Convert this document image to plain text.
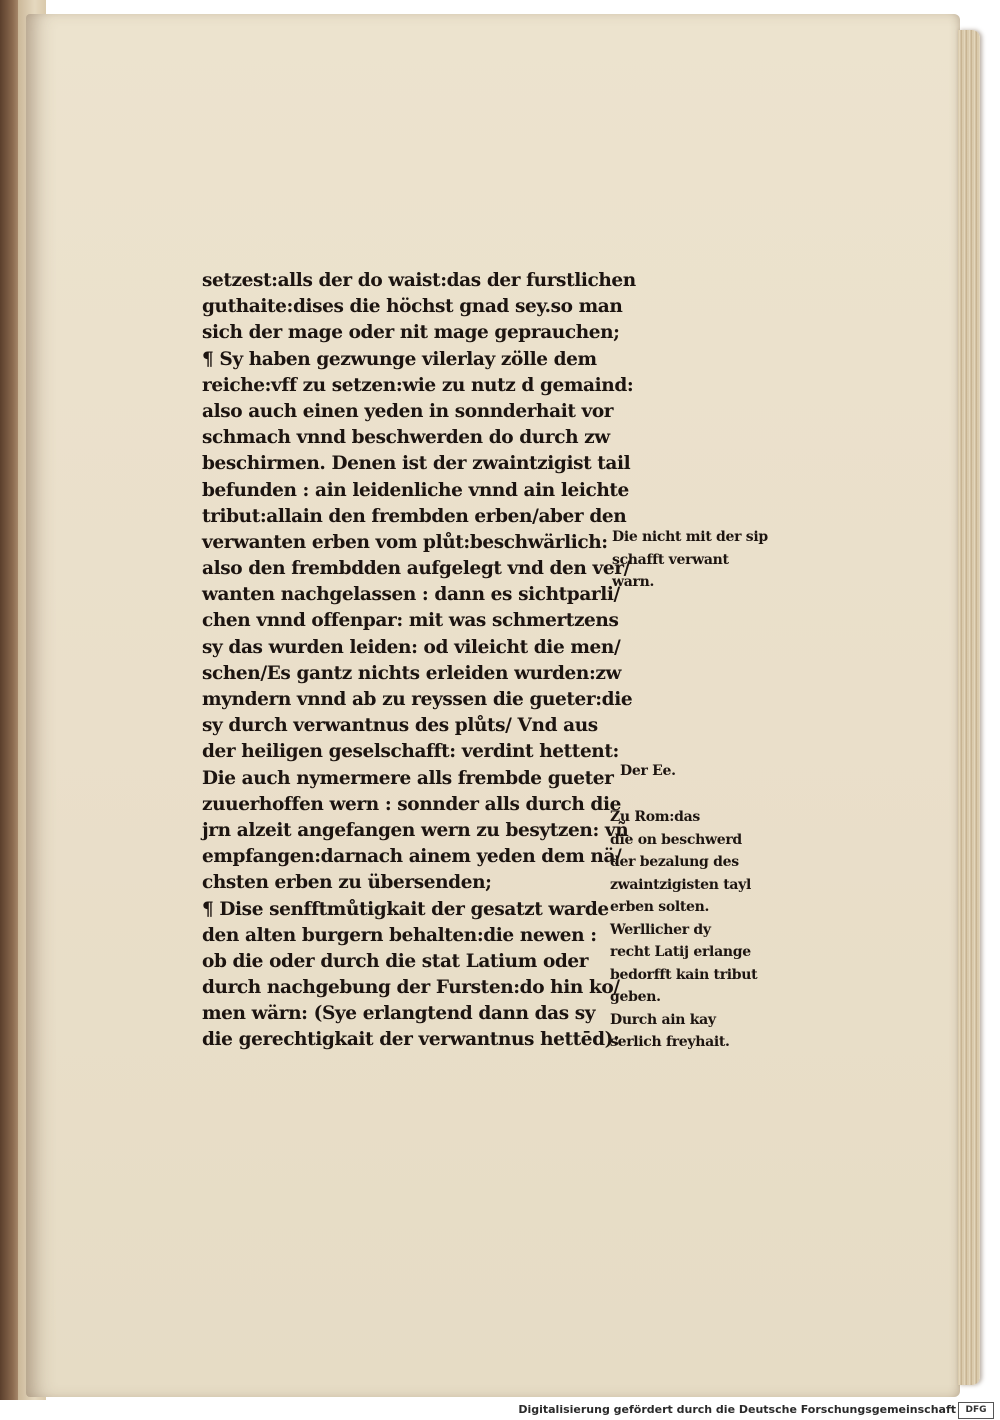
setzest:alls der do waist:das der furstlichen
guthaite:dises die höchst gnad sey.so man
sich der mage oder nit mage geprauchen;
¶ Sy haben gezwunge vilerlay zölle dem
reiche:vff zu setzen:wie zu nutz d gemaind:
also auch einen yeden in sonnderhait vor
schmach vnnd beschwerden do durch zw
beschirmen. Denen ist der zwaintzigist tail
befunden : ain leidenliche vnnd ain leichte
tribut:allain den frembden erben/aber den
verwanten erben vom plůt:beschwärlich:
also den frembdden aufgelegt vnd den ver/
wanten nachgelassen : dann es sichtparli/
chen vnnd offenpar: mit was schmertzens
sy das wurden leiden: od vileicht die men/
schen/Es gantz nichts erleiden wurden:zw
myndern vnnd ab zu reyssen die gueter:die
sy durch verwantnus des plůts/ Vnd aus
der heiligen geselschafft: verdint hettent:
Die auch nymermere alls frembde gueter
zuuerhoffen wern : sonnder alls durch die
jrn alzeit angefangen wern zu besytzen: vñ
empfangen:darnach ainem yeden dem nä/
chsten erben zu übersenden;
¶ Dise senfftmůtigkait der gesatzt warde
den alten burgern behalten:die newen :
ob die oder durch die stat Latium oder
durch nachgebung der Fursten:do hin ko/
men wärn: (Sye erlangtend dann das sy
die gerechtigkait der verwantnus hettēd):
Die nicht mit der sip
schafft verwant
warn.
Der Ee.
Zu Rom:das
die on beschwerd
der bezalung des
zwaintzigisten tayl
erben solten.
Werllicher dy
recht Latij erlange
bedorfft kain tribut
geben.
Durch ain kay
serlich freyhait.
Digitalisierung gefördert durch die Deutsche Forschungsgemeinschaft	DFG
